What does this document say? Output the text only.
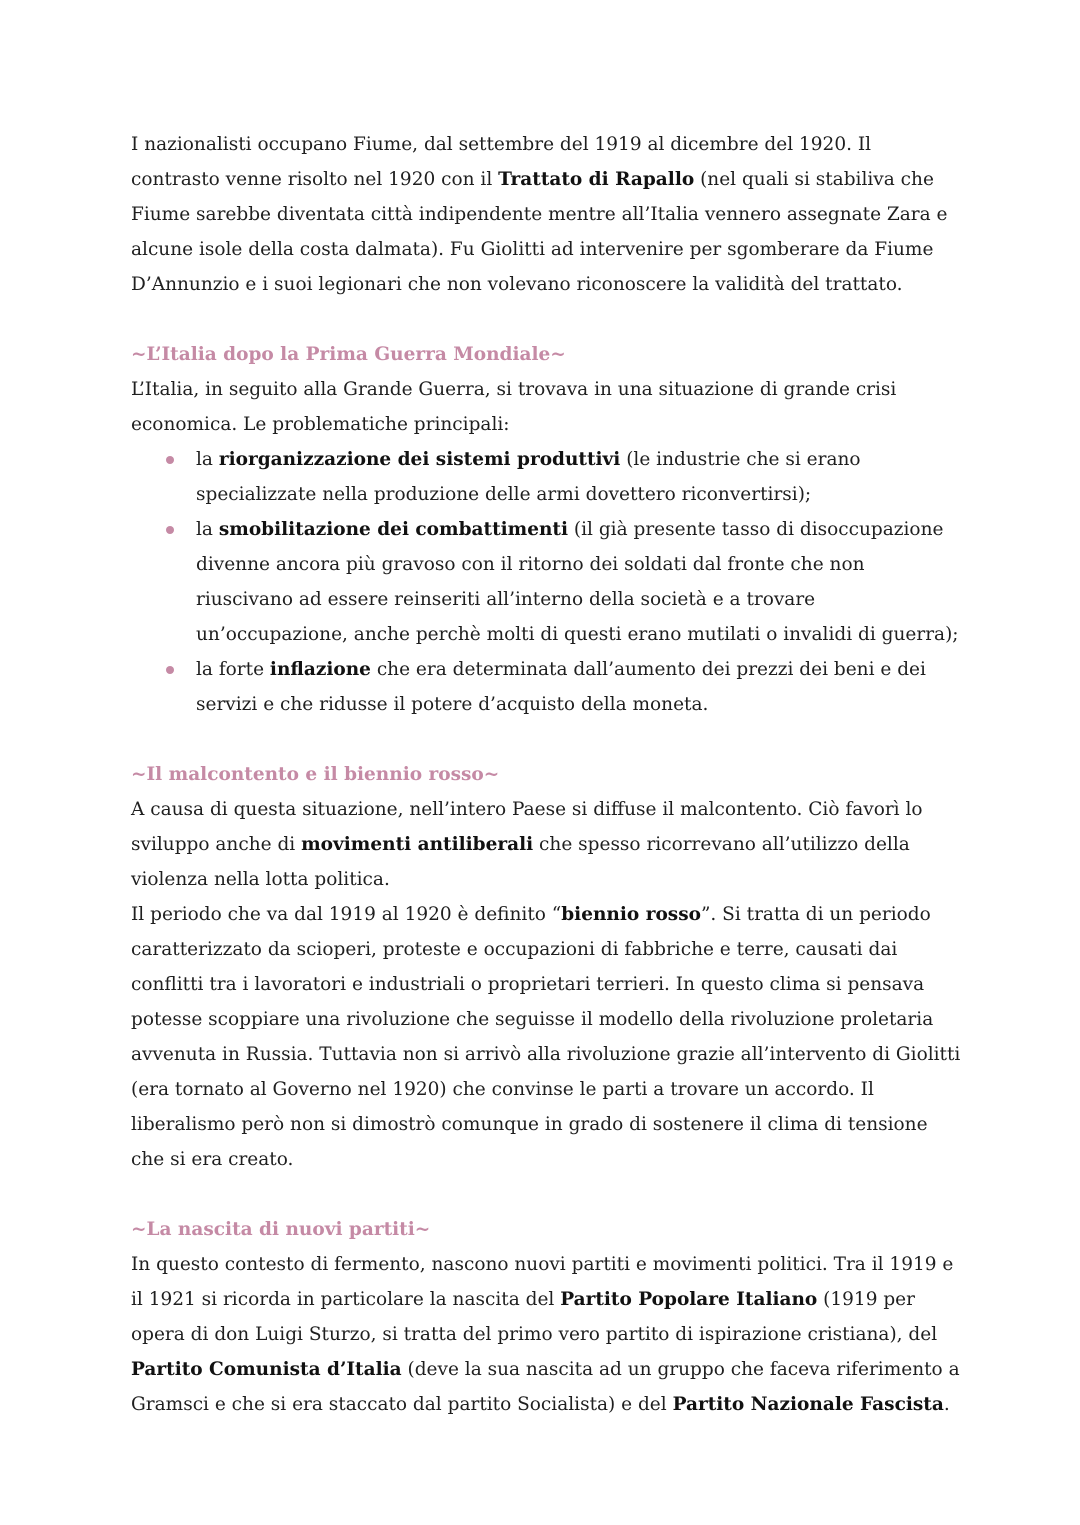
I nazionalisti occupano Fiume, dal settembre del 1919 al dicembre del 1920. Il contrasto venne risolto nel 1920 con il Trattato di Rapallo (nel quali si stabiliva che Fiume sarebbe diventata città indipendente mentre all’Italia vennero assegnate Zara e alcune isole della costa dalmata). Fu Giolitti ad intervenire per sgomberare da Fiume D’Annunzio e i suoi legionari che non volevano riconoscere la validità del trattato.

~L’Italia dopo la Prima Guerra Mondiale~

L’Italia, in seguito alla Grande Guerra, si trovava in una situazione di grande crisi economica. Le problematiche principali:

la riorganizzazione dei sistemi produttivi (le industrie che si erano specializzate nella produzione delle armi dovettero riconvertirsi);
la smobilitazione dei combattimenti (il già presente tasso di disoccupazione divenne ancora più gravoso con il ritorno dei soldati dal fronte che non riuscivano ad essere reinseriti all’interno della società e a trovare un’occupazione, anche perchè molti di questi erano mutilati o invalidi di guerra);
la forte inflazione che era determinata dall’aumento dei prezzi dei beni e dei servizi e che ridusse il potere d’acquisto della moneta.

~Il malcontento e il biennio rosso~

A causa di questa situazione, nell’intero Paese si diffuse il malcontento. Ciò favorì lo sviluppo anche di movimenti antiliberali che spesso ricorrevano all’utilizzo della violenza nella lotta politica.

Il periodo che va dal 1919 al 1920 è definito “biennio rosso”. Si tratta di un periodo caratterizzato da scioperi, proteste e occupazioni di fabbriche e terre, causati dai conflitti tra i lavoratori e industriali o proprietari terrieri. In questo clima si pensava potesse scoppiare una rivoluzione che seguisse il modello della rivoluzione proletaria avvenuta in Russia. Tuttavia non si arrivò alla rivoluzione grazie all’intervento di Giolitti (era tornato al Governo nel 1920) che convinse le parti a trovare un accordo. Il liberalismo però non si dimostrò comunque in grado di sostenere il clima di tensione che si era creato.

~La nascita di nuovi partiti~

In questo contesto di fermento, nascono nuovi partiti e movimenti politici. Tra il 1919 e il 1921 si ricorda in particolare la nascita del Partito Popolare Italiano (1919 per opera di don Luigi Sturzo, si tratta del primo vero partito di ispirazione cristiana), del Partito Comunista d’Italia (deve la sua nascita ad un gruppo che faceva riferimento a Gramsci e che si era staccato dal partito Socialista) e del Partito Nazionale Fascista.
